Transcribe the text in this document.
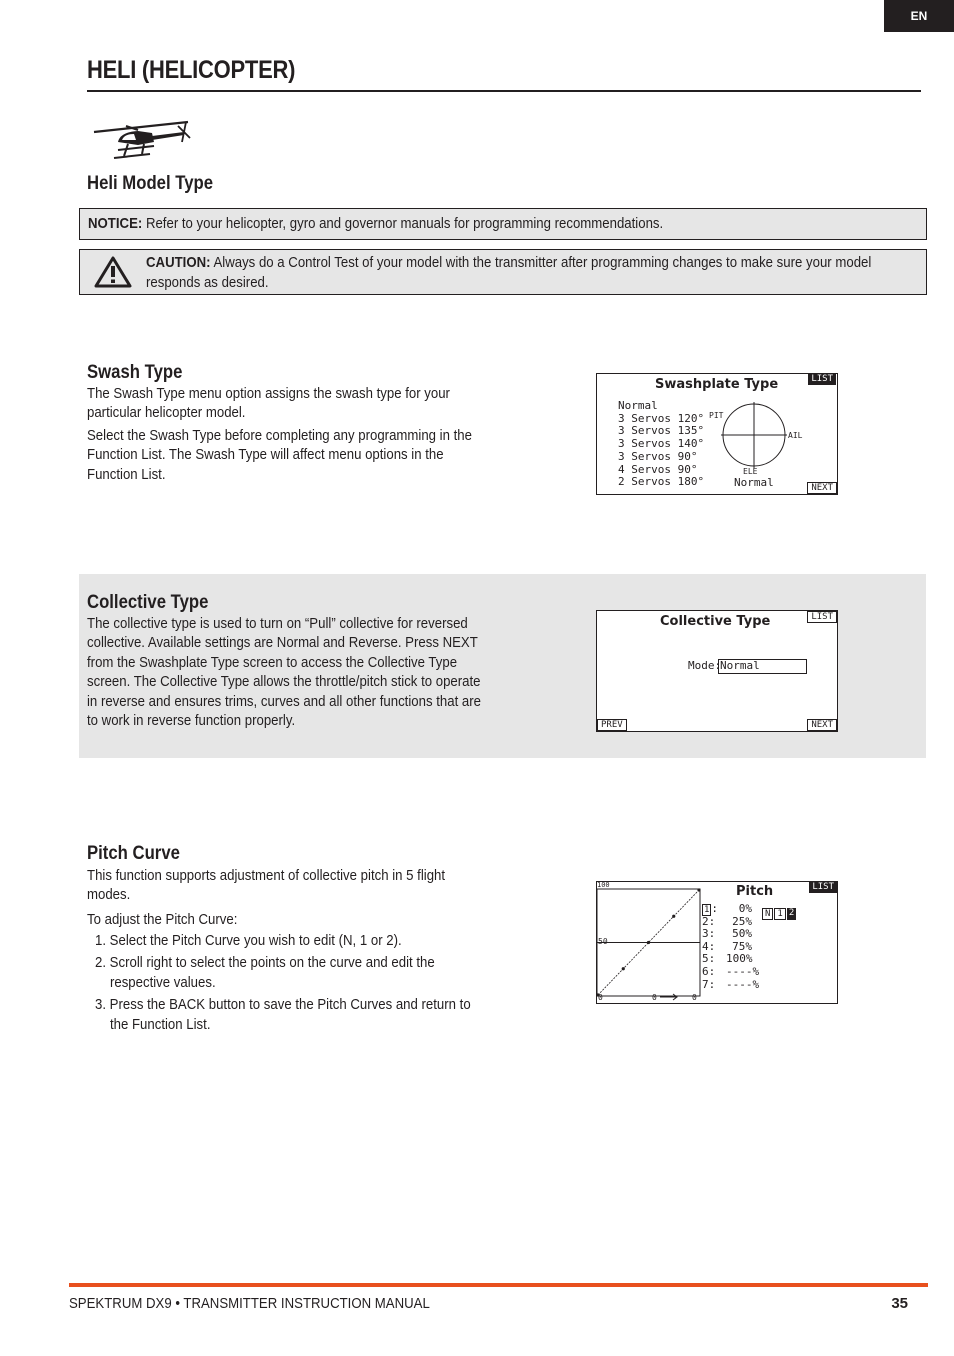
EN
HELI (HELICOPTER)
Heli Model Type
NOTICE: Refer to your helicopter, gyro and governor manuals for programming recommendations.
CAUTION: Always do a Control Test of your model with the transmitter after programming changes to make sure your model responds as desired.
Swash Type
The Swash Type menu option assigns the swash type for your particular helicopter model.
Select the Swash Type before completing any programming in the Function List. The Swash Type will affect menu options in the Function List.
Swashplate Type	LIST
Normal
3 Servos 120°
3 Servos 135°
3 Servos 140°
3 Servos 90°
4 Servos 90°
2 Servos 180°
PIT
AIL
ELE
Normal	NEXT
Collective Type
The collective type is used to turn on “Pull” collective for reversed collective. Available settings are Normal and Reverse. Press NEXT from the Swashplate Type screen to access the Collective Type screen. The Collective Type allows the throttle/pitch stick to operate in reverse and ensures trims, curves and all other functions that are to work in reverse function properly.
Collective Type	LIST
Mode:
Normal
PREV	NEXT
Pitch Curve
This function supports adjustment of collective pitch in 5 flight modes.
To adjust the Pitch Curve:
1. Select the Pitch Curve you wish to edit (N, 1 or 2).
2. Scroll right to select the points on the curve and edit the respective values.
3. Press the BACK button to save the Pitch Curves and return to the Function List.
100
50
0	0	0
Pitch	LIST
N 1 2
1 :	0%
2:	25%
3:	50%
4:	75%
5: 100%
6: ----%
7: ----%
SPEKTRUM DX9 • TRANSMITTER INSTRUCTION MANUAL	35
